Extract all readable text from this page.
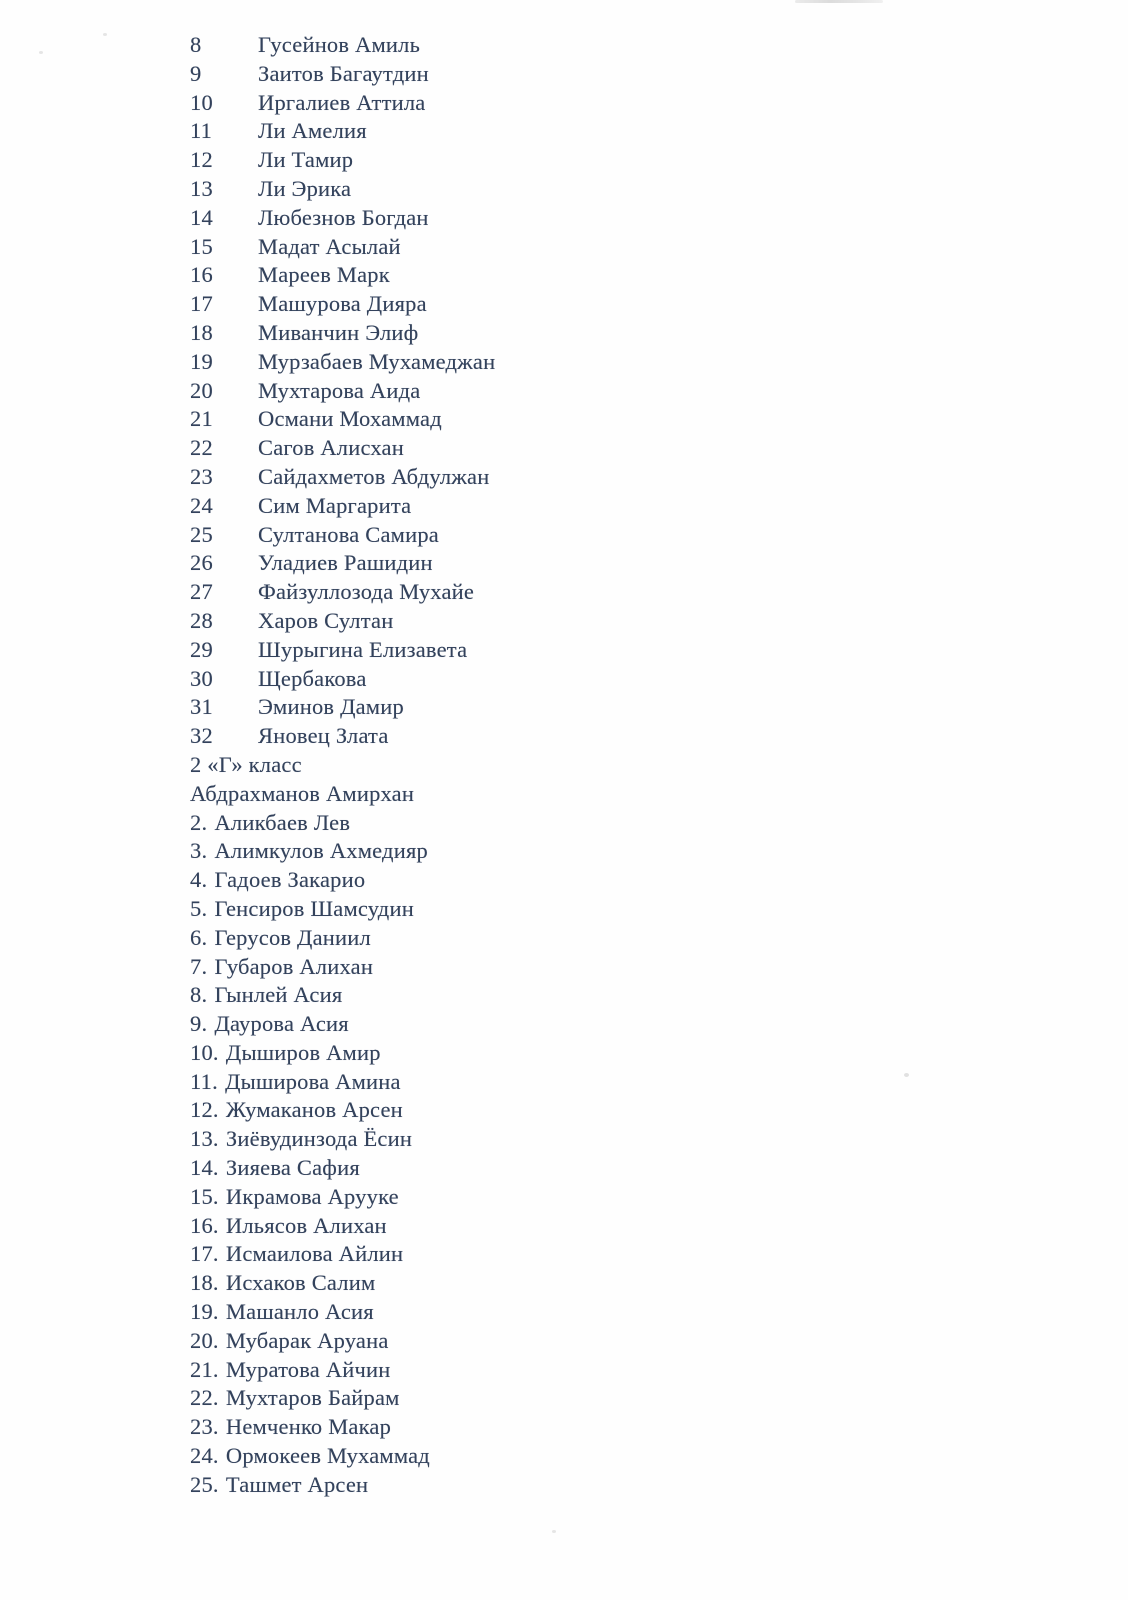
8	Гусейнов Амиль
9	Заитов Багаутдин
10 Иргалиев Аттила
11 Ли Амелия
12 Ли Тамир
13 Ли Эрика
14 Любезнов Богдан
15 Мадат Асылай
16 Мареев Марк
17 Машурова Дияра
18 Миванчин Элиф
19 Мурзабаев Мухамеджан
20 Мухтарова Аида
21 Османи Мохаммад
22 Сагов Алисхан
23 Сайдахметов Абдулжан
24 Сим Маргарита
25 Султанова Самира
26 Уладиев Рашидин
27 Файзуллозода Мухайе
28 Харов Султан
29 Шурыгина Елизавета
30 Щербакова
31 Эминов Дамир
32 Яновец Злата
2 «Г» класс
Абдрахманов Амирхан
2. Аликбаев Лев
3. Алимкулов Ахмедияр
4. Гадоев Закарио
5. Генсиров Шамсудин
6. Герусов Даниил
7. Губаров Алихан
8. Гынлей Асия
9. Даурова Асия
10. Дыширов Амир
11. Дыширова Амина
12. Жумаканов Арсен
13. Зиёвудинзода Ёсин
14. Зияева Сафия
15. Икрамова Арууке
16. Ильясов Алихан
17. Исмаилова Айлин
18. Исхаков Салим
19. Машанло Асия
20. Мубарак Аруана
21. Муратова Айчин
22. Мухтаров Байрам
23. Немченко Макар
24. Ормокеев Мухаммад
25. Ташмет Арсен
